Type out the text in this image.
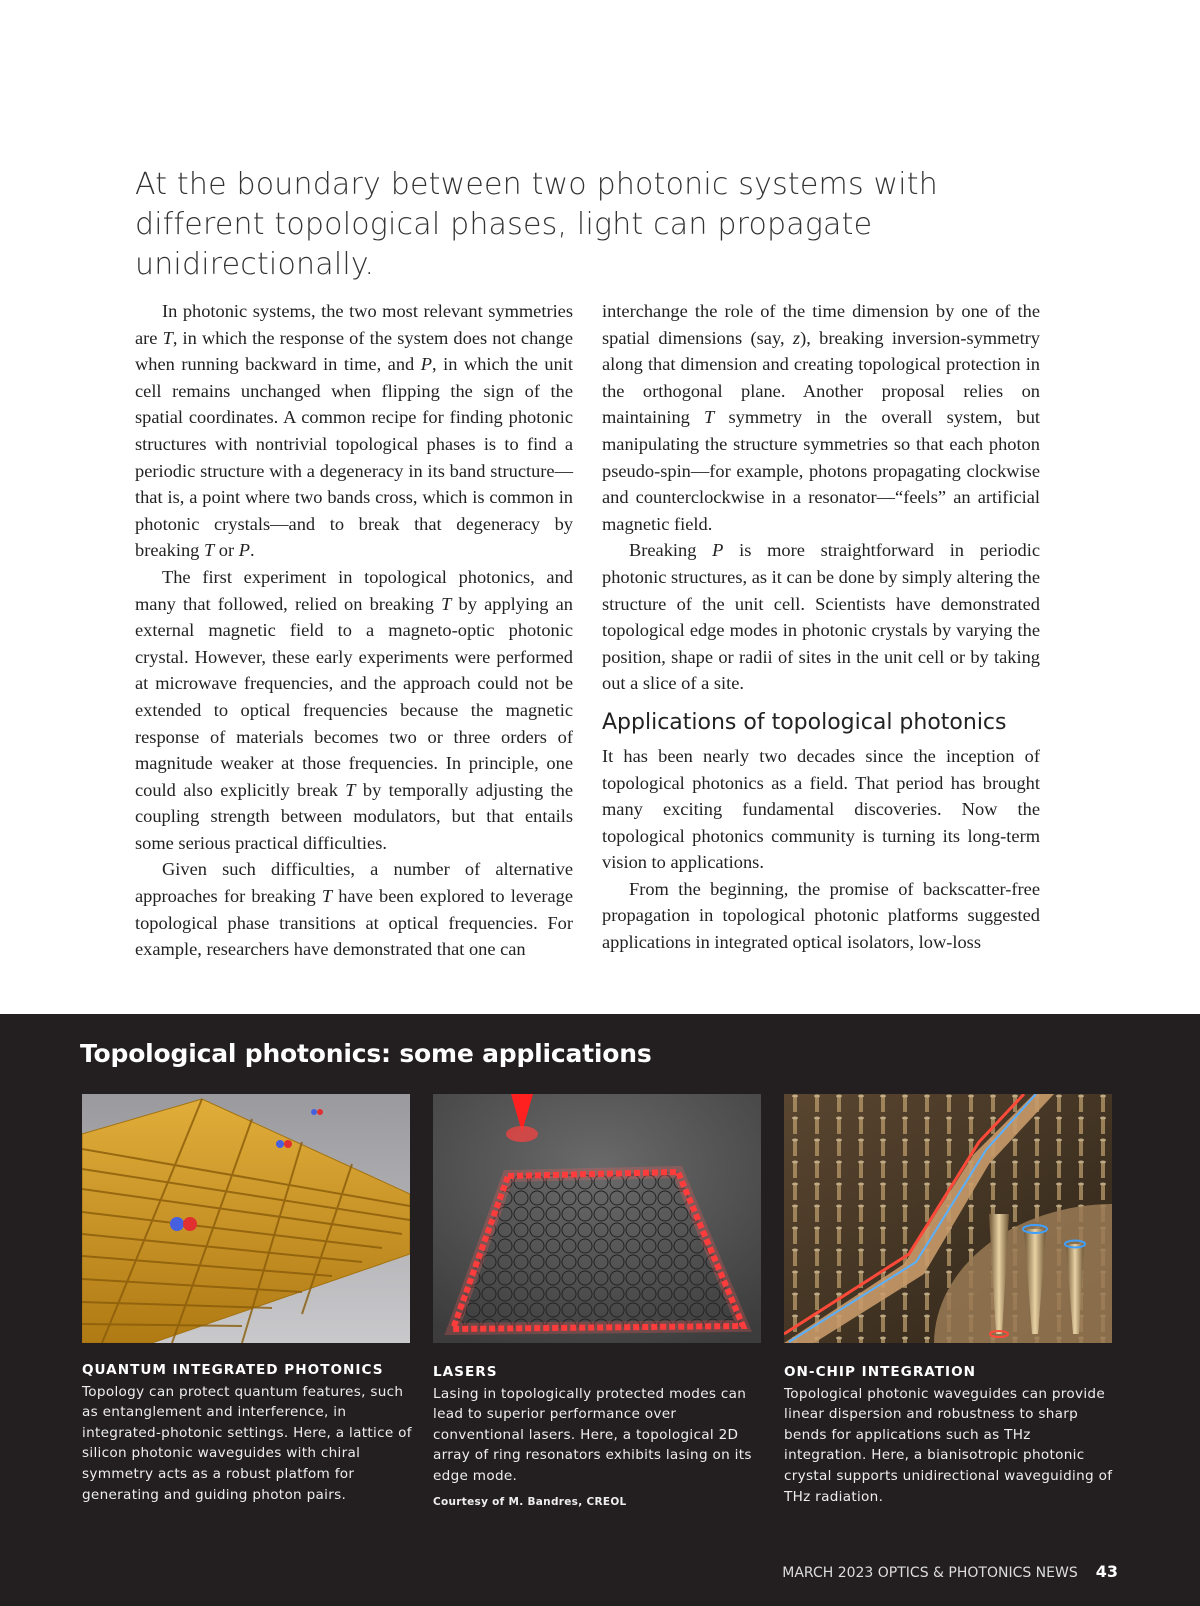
At the boundary between two photonic systems with different topological phases, light can propagate unidirectionally.

In photonic systems, the two most relevant symmetries are T, in which the response of the system does not change when running backward in time, and P, in which the unit cell remains unchanged when flipping the sign of the spatial coordinates. A common recipe for finding photonic structures with nontrivial topological phases is to find a periodic structure with a degeneracy in its band structure—that is, a point where two bands cross, which is common in photonic crystals—and to break that degeneracy by breaking T or P.

The first experiment in topological photonics, and many that followed, relied on breaking T by applying an external magnetic field to a magneto-optic photonic crystal. However, these early experiments were performed at microwave frequencies, and the approach could not be extended to optical frequencies because the magnetic response of materials becomes two or three orders of magnitude weaker at those frequencies. In principle, one could also explicitly break T by temporally adjusting the coupling strength between modulators, but that entails some serious practical difficulties.

Given such difficulties, a number of alternative approaches for breaking T have been explored to leverage topological phase transitions at optical frequencies. For example, researchers have demonstrated that one can

interchange the role of the time dimension by one of the spatial dimensions (say, z), breaking inversion-symmetry along that dimension and creating topological protection in the orthogonal plane. Another proposal relies on maintaining T symmetry in the overall system, but manipulating the structure symmetries so that each photon pseudo-spin—for example, photons propagating clockwise and counterclockwise in a resonator—“feels” an artificial magnetic field.

Breaking P is more straightforward in periodic photonic structures, as it can be done by simply altering the structure of the unit cell. Scientists have demonstrated topological edge modes in photonic crystals by varying the position, shape or radii of sites in the unit cell or by taking out a slice of a site.

Applications of topological photonics

It has been nearly two decades since the inception of topological photonics as a field. That period has brought many exciting fundamental discoveries. Now the topological photonics community is turning its long-term vision to applications.

From the beginning, the promise of backscatter-free propagation in topological photonic platforms suggested applications in integrated optical isolators, low-loss

Topological photonics: some applications
QUANTUM INTEGRATED PHOTONICS
Topology can protect quantum features, such as entanglement and interference, in integrated-photonic settings. Here, a lattice of silicon photonic waveguides with chiral symmetry acts as a robust platfom for generating and guiding photon pairs.
LASERS
Lasing in topologically protected modes can lead to superior performance over conventional lasers. Here, a topological 2D array of ring resonators exhibits lasing on its edge mode.
Courtesy of M. Bandres, CREOL
ON-CHIP INTEGRATION
Topological photonic waveguides can provide linear dispersion and robustness to sharp bends for applications such as THz integration. Here, a bianisotropic photonic crystal supports unidirectional waveguiding of THz radiation.
MARCH 2023 OPTICS & PHOTONICS NEWS 43
